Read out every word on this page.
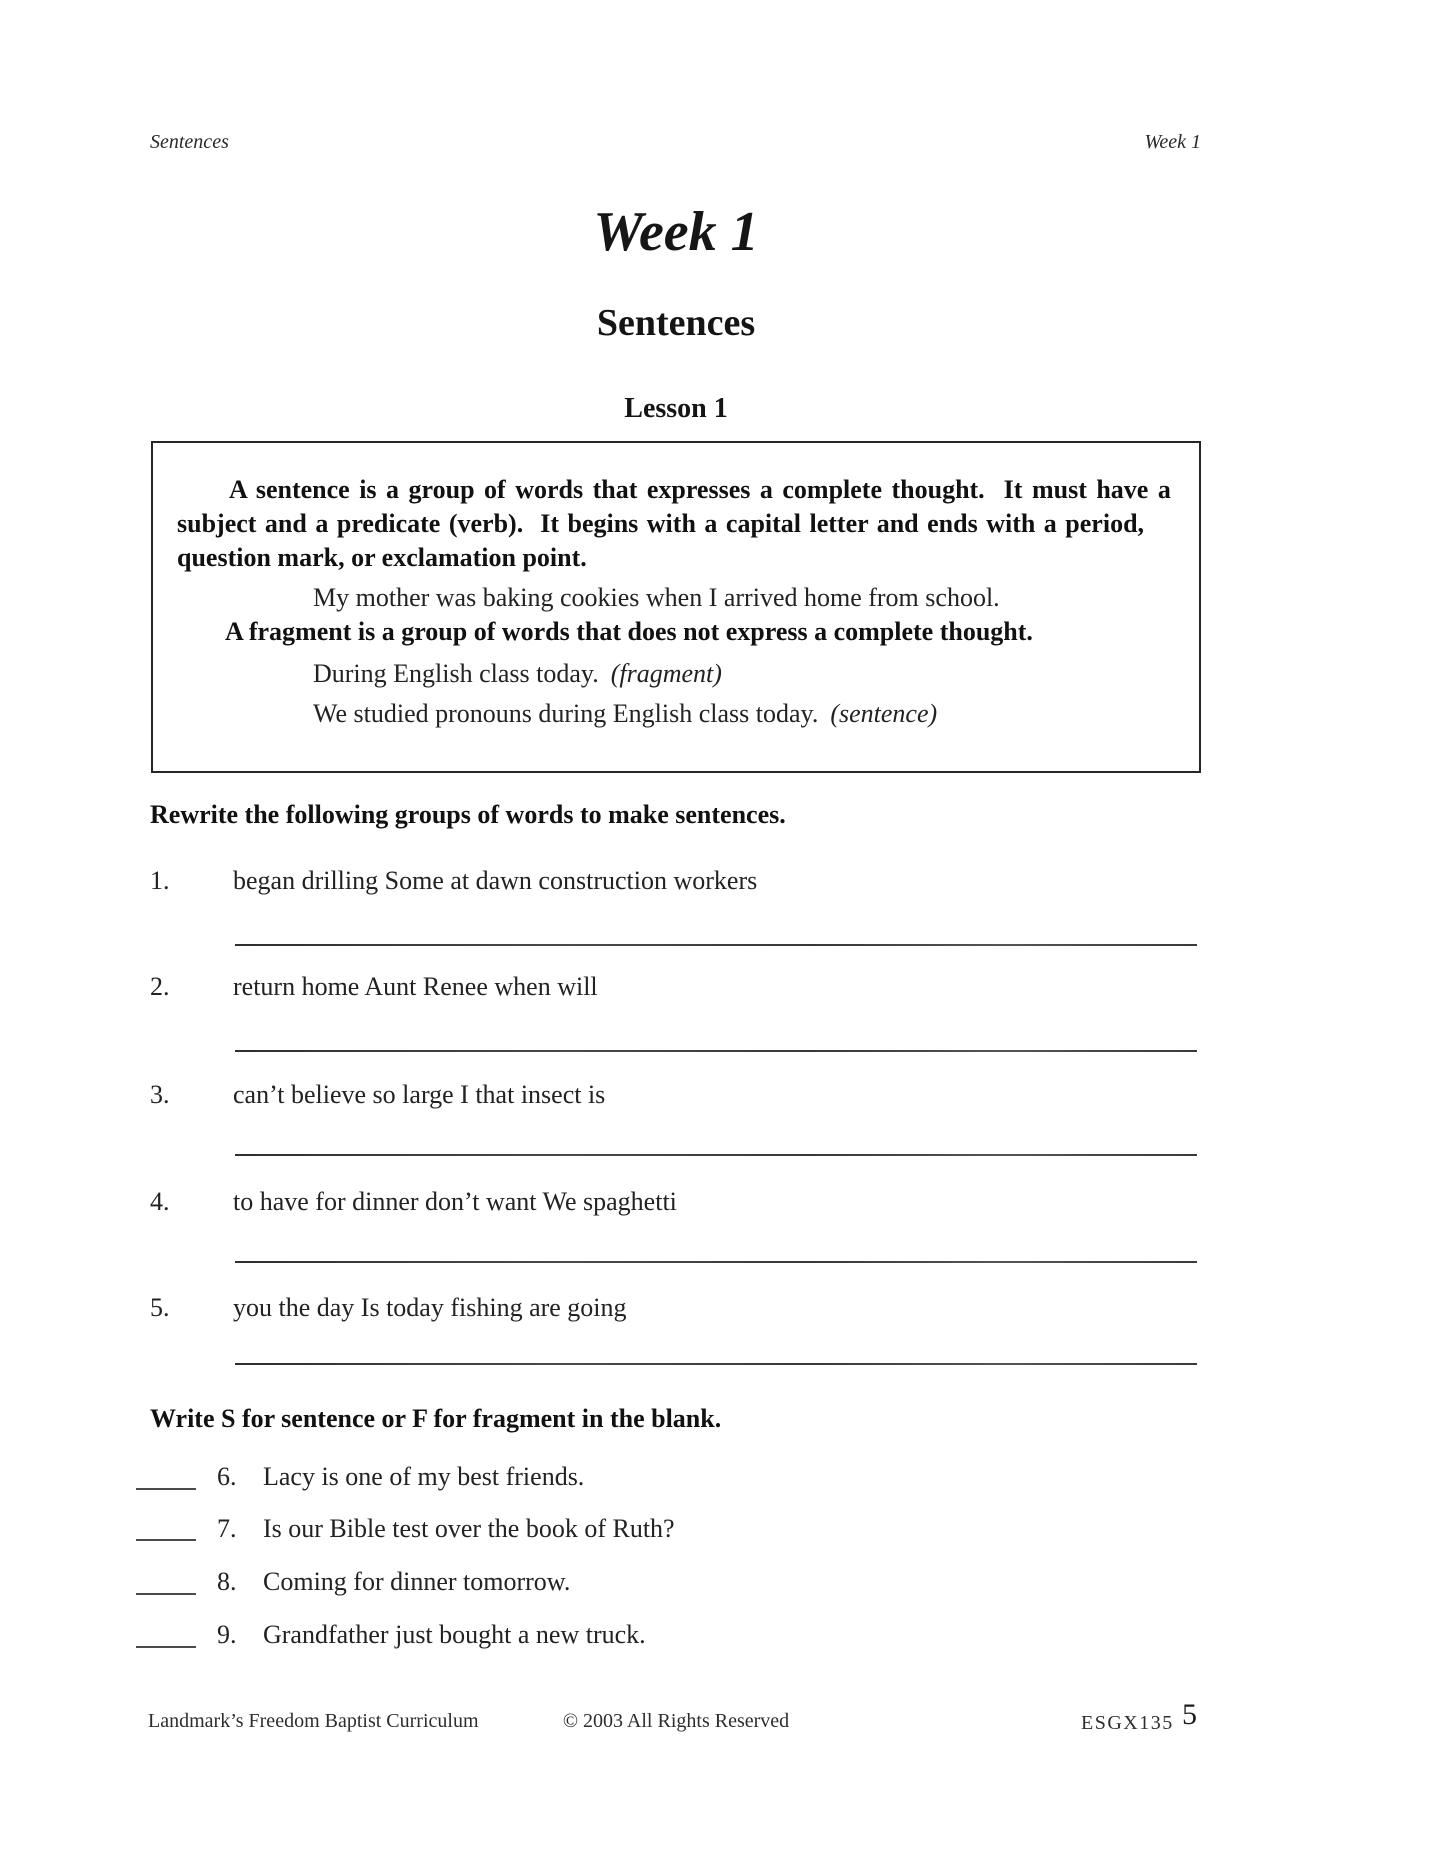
Sentences	Week 1
Week 1
Sentences
Lesson 1
A sentence is a group of words that expresses a complete thought.  It must have a
subject and a predicate (verb).  It begins with a capital letter and ends with a period,
question mark, or exclamation point.
My mother was baking cookies when I arrived home from school.
A fragment is a group of words that does not express a complete thought.
During English class today. (fragment)
We studied pronouns during English class today. (sentence)
Rewrite the following groups of words to make sentences.
1. began drilling Some at dawn construction workers
2. return home Aunt Renee when will
3. can’t believe so large I that insect is
4. to have for dinner don’t want We spaghetti
5. you the day Is today fishing are going
Write S for sentence or F for fragment in the blank.
6. Lacy is one of my best friends.
7. Is our Bible test over the book of Ruth?
8. Coming for dinner tomorrow.
9. Grandfather just bought a new truck.
Landmark’s Freedom Baptist Curriculum	© 2003 All Rights Reserved	ESGX135 5
